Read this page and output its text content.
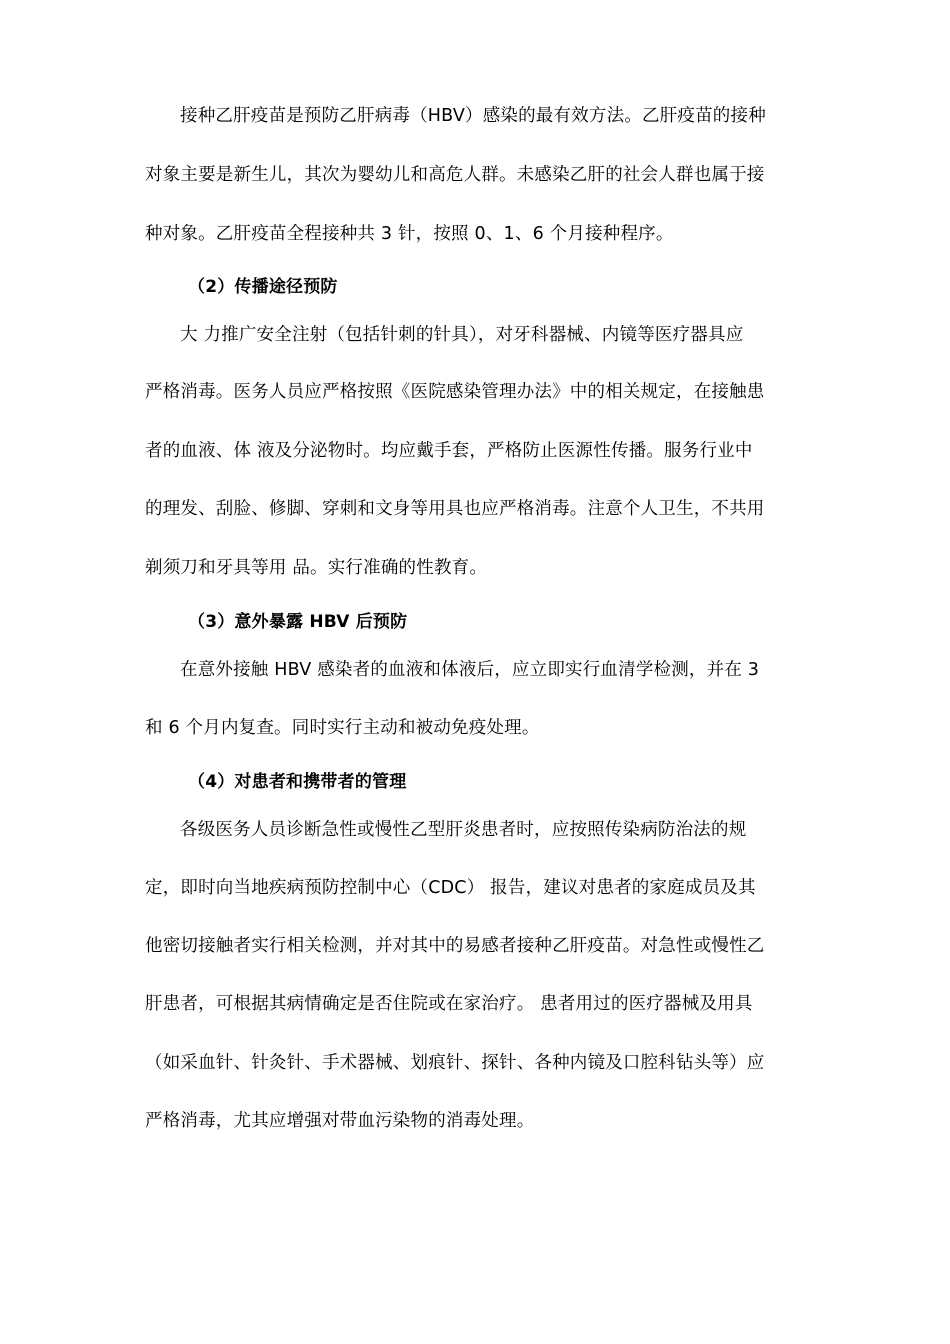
接种乙肝疫苗是预防乙肝病毒（HBV）感染的最有效方法。乙肝疫苗的接种
对象主要是新生儿，其次为婴幼儿和高危人群。未感染乙肝的社会人群也属于接
种对象。乙肝疫苗全程接种共 3 针，按照 0、1、6 个月接种程序。
（2）传播途径预防
大 力推广安全注射（包括针刺的针具），对牙科器械、内镜等医疗器具应
严格消毒。医务人员应严格按照《医院感染管理办法》中的相关规定，在接触患
者的血液、体 液及分泌物时。均应戴手套，严格防止医源性传播。服务行业中
的理发、刮脸、修脚、穿刺和文身等用具也应严格消毒。注意个人卫生，不共用
剃须刀和牙具等用 品。实行准确的性教育。
（3）意外暴露 HBV 后预防
在意外接触 HBV 感染者的血液和体液后，应立即实行血清学检测，并在 3
和 6 个月内复查。同时实行主动和被动免疫处理。
（4）对患者和携带者的管理
各级医务人员诊断急性或慢性乙型肝炎患者时，应按照传染病防治法的规
定，即时向当地疾病预防控制中心（CDC） 报告，建议对患者的家庭成员及其
他密切接触者实行相关检测，并对其中的易感者接种乙肝疫苗。对急性或慢性乙
肝患者，可根据其病情确定是否住院或在家治疗。 患者用过的医疗器械及用具
（如采血针、针灸针、手术器械、划痕针、探针、各种内镜及口腔科钻头等）应
严格消毒，尤其应增强对带血污染物的消毒处理。
